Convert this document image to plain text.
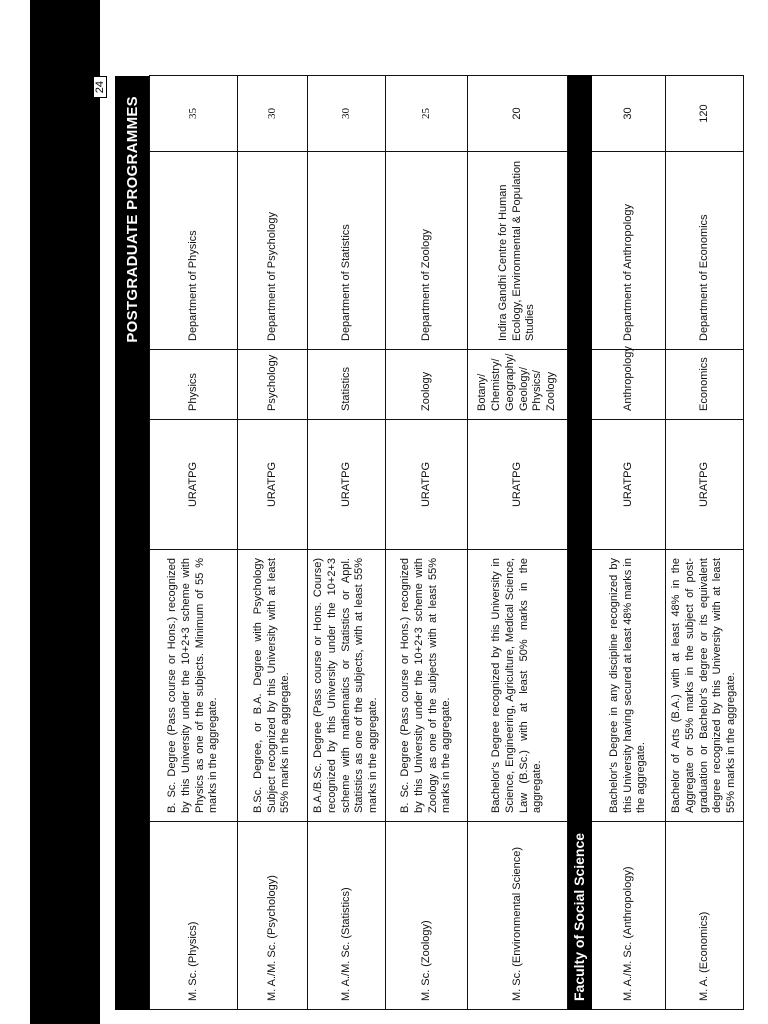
POSTGRADUATE PROGRAMMES
24
M. Sc. (Physics)	B. Sc. Degree (Pass course or Hons.) recognized by this University under the 10+2+3 scheme with Physics as one of the subjects. Minimum of 55 % marks in the aggregate.	URATPG	Physics	Department of Physics	35
M. A./M. Sc. (Psychology)	B.Sc. Degree, or B.A. Degree with Psychology Subject recognized by this University with at least 55% marks in the aggregate.	URATPG	Psychology	Department of Psychology	30
M. A./M. Sc. (Statistics)	B.A./B.Sc. Degree (Pass course or Hons. Course) recognized by this University under the 10+2+3 scheme with mathematics or Statistics or Appl. Statistics as one of the subjects, with at least 55% marks in the aggregate.	URATPG	Statistics	Department of Statistics	30
M. Sc. (Zoology)	B. Sc. Degree (Pass course or Hons.) recognized by this University under the 10+2+3 scheme with Zoology as one of the subjects with at least 55% marks in the aggregate.	URATPG	Zoology	Department of Zoology	25
M. Sc. (Environmental Science)	Bachelor's Degree recognized by this University in Science, Engineering, Agriculture, Medical Science, Law (B.Sc.) with at least 50% marks in the aggregate.	URATPG	Botany/ Chemistry/ Geography/ Geology/ Physics/ Zoology	Indira Gandhi Centre for Human Ecology, Environmental & Population Studies	20
Faculty of Social Science					
M. A./M. Sc. (Anthropology)	Bachelor's Degree in any discipline recognized by this University having secured at least 48% marks in the aggregate.	URATPG	Anthropology	Department of Anthropology	30
M. A. (Economics)	Bachelor of Arts (B.A.) with at least 48% in the Aggregate or 55% marks in the subject of post-graduation or Bachelor's degree or its equivalent degree recognized by this University with at least 55% marks in the aggregate.	URATPG	Economics	Department of Economics	120
